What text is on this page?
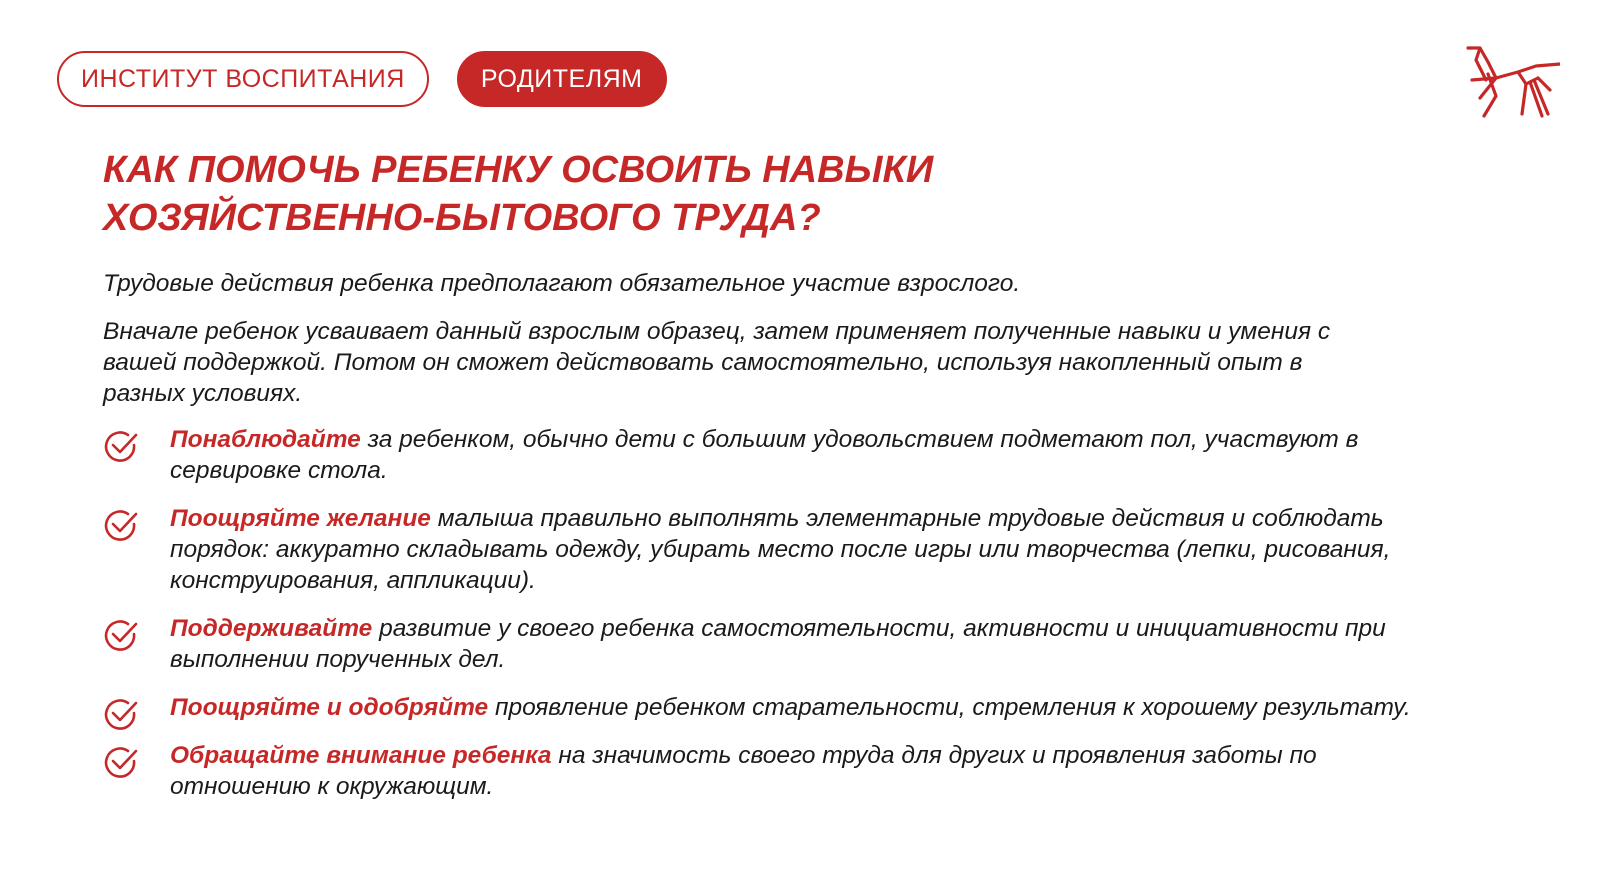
ИНСТИТУТ ВОСПИТАНИЯ	РОДИТЕЛЯМ
КАК ПОМОЧЬ РЕБЕНКУ ОСВОИТЬ НАВЫКИ
ХОЗЯЙСТВЕННО-БЫТОВОГО ТРУДА?

Трудовые действия ребенка предполагают обязательное участие взрослого.

Вначале ребенок усваивает данный взрослым образец, затем применяет полученные навыки и умения с вашей поддержкой. Потом он сможет действовать самостоятельно, используя накопленный опыт в разных условиях.

Понаблюдайте за ребенком, обычно дети с большим удовольствием подметают пол, участвуют в сервировке стола.
Поощряйте желание малыша правильно выполнять элементарные трудовые действия и соблюдать порядок: аккуратно складывать одежду, убирать место после игры или творчества (лепки, рисования, конструирования, аппликации).
Поддерживайте развитие у своего ребенка самостоятельности, активности и инициативности при выполнении порученных дел.
Поощряйте и одобряйте проявление ребенком старательности, стремления к хорошему результату.
Обращайте внимание ребенка на значимость своего труда для других и проявления заботы по отношению к окружающим.
